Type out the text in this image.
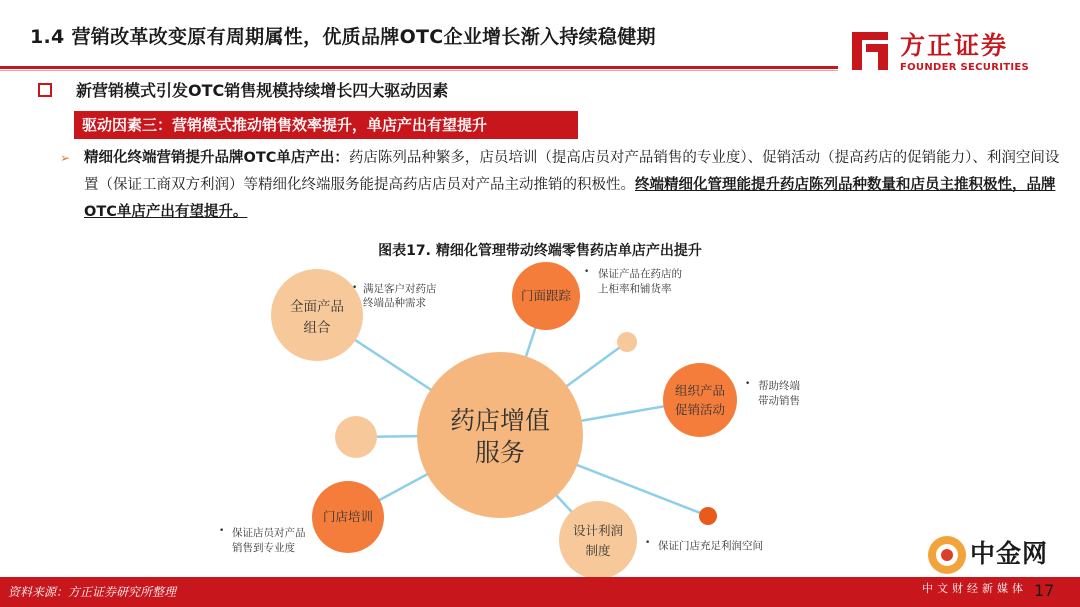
1.4 营销改革改变原有周期属性，优质品牌OTC企业增长渐入持续稳健期	方正证券
FOUNDER SECURITIES
新营销模式引发OTC销售规模持续增长四大驱动因素
驱动因素三：营销模式推动销售效率提升，单店产出有望提升
➢ 精细化终端营销提升品牌OTC单店产出：药店陈列品种繁多，店员培训（提高店员对产品销售的专业度）、促销活动（提高药店的促销能力）、利润空间设置（保证工商双方利润）等精细化终端服务能提高药店店员对产品主动推销的积极性。终端精细化管理能提升药店陈列品种数量和店员主推积极性，品牌OTC单店产出有望提升。
图表17. 精细化管理带动终端零售药店单店产出提升
药店增值
服务
全面产品
组合
• 满足客户对药店
终端品种需求	门面跟踪
• 保证产品在药店的
上柜率和铺货率
组织产品
促销活动
• 帮助终端
带动销售
门店培训
• 保证店员对产品
销售到专业度
设计利润
制度	• 保证门店充足利润空间
资料来源：方正证券研究所整理
中金网
CNGOLD.COM.CN
中文财经新媒体 17
